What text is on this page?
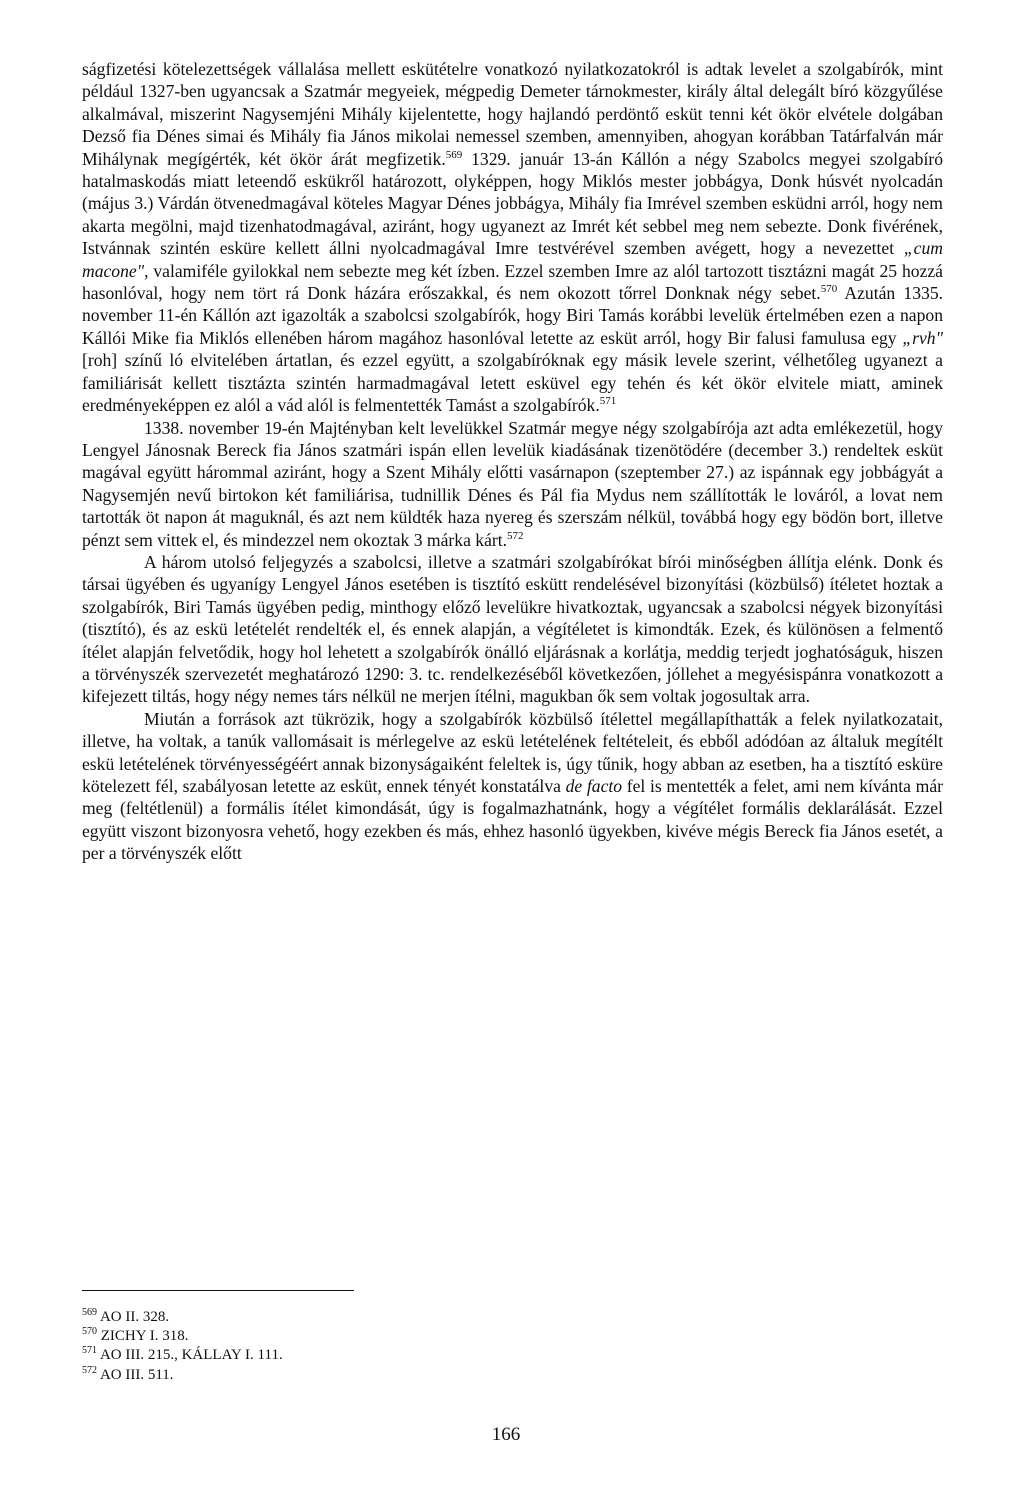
ságfizetési kötelezettségek vállalása mellett eskütételre vonatkozó nyilatkozatokról is adtak levelet a szolgabírók, mint például 1327-ben ugyancsak a Szatmár megyeiek, mégpedig Demeter tárnokmester, király által delegált bíró közgyűlése alkalmával, miszerint Nagysemjéni Mihály kijelentette, hogy hajlandó perdöntő esküt tenni két ökör elvétele dolgában Dezső fia Dénes simai és Mihály fia János mikolai nemessel szemben, amennyiben, ahogyan korábban Tatárfalván már Mihálynak megígérték, két ökör árát megfizetik.$^{569}$ 1329. január 13-án Kállón a négy Szabolcs megyei szolgabíró hatalmaskodás miatt leteendő eskükről határozott, olyképpen, hogy Miklós mester jobbágya, Donk húsvét nyolcadán (május 3.) Várdán ötvenedmagával köteles Magyar Dénes jobbágya, Mihály fia Imrével szemben esküdni arról, hogy nem akarta megölni, majd tizenhatodmagával, aziránt, hogy ugyanezt az Imrét két sebbel meg nem sebezte. Donk fivérének, Istvánnak szintén esküre kellett állni nyolcadmagával Imre testvérével szemben avégett, hogy a nevezettet „cum macone", valamiféle gyilokkal nem sebezte meg két ízben. Ezzel szemben Imre az alól tartozott tisztázni magát 25 hozzá hasonlóval, hogy nem tört rá Donk házára erőszakkal, és nem okozott tőrrel Donknak négy sebet.$^{570}$ Azután 1335. november 11-én Kállón azt igazolták a szabolcsi szolgabírók, hogy Biri Tamás korábbi levelük értelmében ezen a napon Kállói Mike fia Miklós ellenében három magához hasonlóval letette az esküt arról, hogy Bir falusi famulusa egy „rvh" [roh] színű ló elvitelében ártatlan, és ezzel együtt, a szolgabíróknak egy másik levele szerint, vélhetőleg ugyanezt a familiárisát kellett tisztázta szintén harmadmagával letett esküvel egy tehén és két ökör elvitele miatt, aminek eredményeképpen ez alól a vád alól is felmentették Tamást a szolgabírók.$^{571}$

1338. november 19-én Majtényban kelt levelükkel Szatmár megye négy szolgabírója azt adta emlékezetül, hogy Lengyel Jánosnak Bereck fia János szatmári ispán ellen levelük kiadásának tizenötödére (december 3.) rendeltek esküt magával együtt hárommal aziránt, hogy a Szent Mihály előtti vasárnapon (szeptember 27.) az ispánnak egy jobbágyát a Nagysemjén nevű birtokon két familiárisa, tudnillik Dénes és Pál fia Mydus nem szállították le lováról, a lovat nem tartották öt napon át maguknál, és azt nem küldték haza nyereg és szerszám nélkül, továbbá hogy egy bödön bort, illetve pénzt sem vittek el, és mindezzel nem okoztak 3 márka kárt.$^{572}$

A három utolsó feljegyzés a szabolcsi, illetve a szatmári szolgabírókat bírói minőségben állítja elénk. Donk és társai ügyében és ugyanígy Lengyel János esetében is tisztító eskütt rendelésével bizonyítási (közbülső) ítéletet hoztak a szolgabírók, Biri Tamás ügyében pedig, minthogy előző levelükre hivatkoztak, ugyancsak a szabolcsi négyek bizonyítási (tisztító), és az eskü letételét rendelték el, és ennek alapján, a végítéletet is kimondták. Ezek, és különösen a felmentő ítélet alapján felvetődik, hogy hol lehetett a szolgabírók önálló eljárásnak a korlátja, meddig terjedt joghatóságuk, hiszen a törvényszék szervezetét meghatározó 1290: 3. tc. rendelkezéséből következően, jóllehet a megyésispánra vonatkozott a kifejezett tiltás, hogy négy nemes társ nélkül ne merjen ítélni, magukban ők sem voltak jogosultak arra.

Miután a források azt tükrözik, hogy a szolgabírók közbülső ítélettel megállapíthatták a felek nyilatkozatait, illetve, ha voltak, a tanúk vallomásait is mérlegelve az eskü letételének feltételeit, és ebből adódóan az általuk megítélt eskü letételének törvényességéért annak bizonyságaiként feleltek is, úgy tűnik, hogy abban az esetben, ha a tisztító esküre kötelezett fél, szabályosan letette az esküt, ennek tényét konstatálva de facto fel is mentették a felet, ami nem kívánta már meg (feltétlenül) a formális ítélet kimondását, úgy is fogalmazhatnánk, hogy a végítélet formális deklarálását. Ezzel együtt viszont bizonyosra vehető, hogy ezekben és más, ehhez hasonló ügyekben, kivéve mégis Bereck fia János esetét, a per a törvényszék előtt

$^{569}$ AO II. 328.
$^{570}$ ZICHY I. 318.
$^{571}$ AO III. 215., KÁLLAY I. 111.
$^{572}$ AO III. 511.
166
